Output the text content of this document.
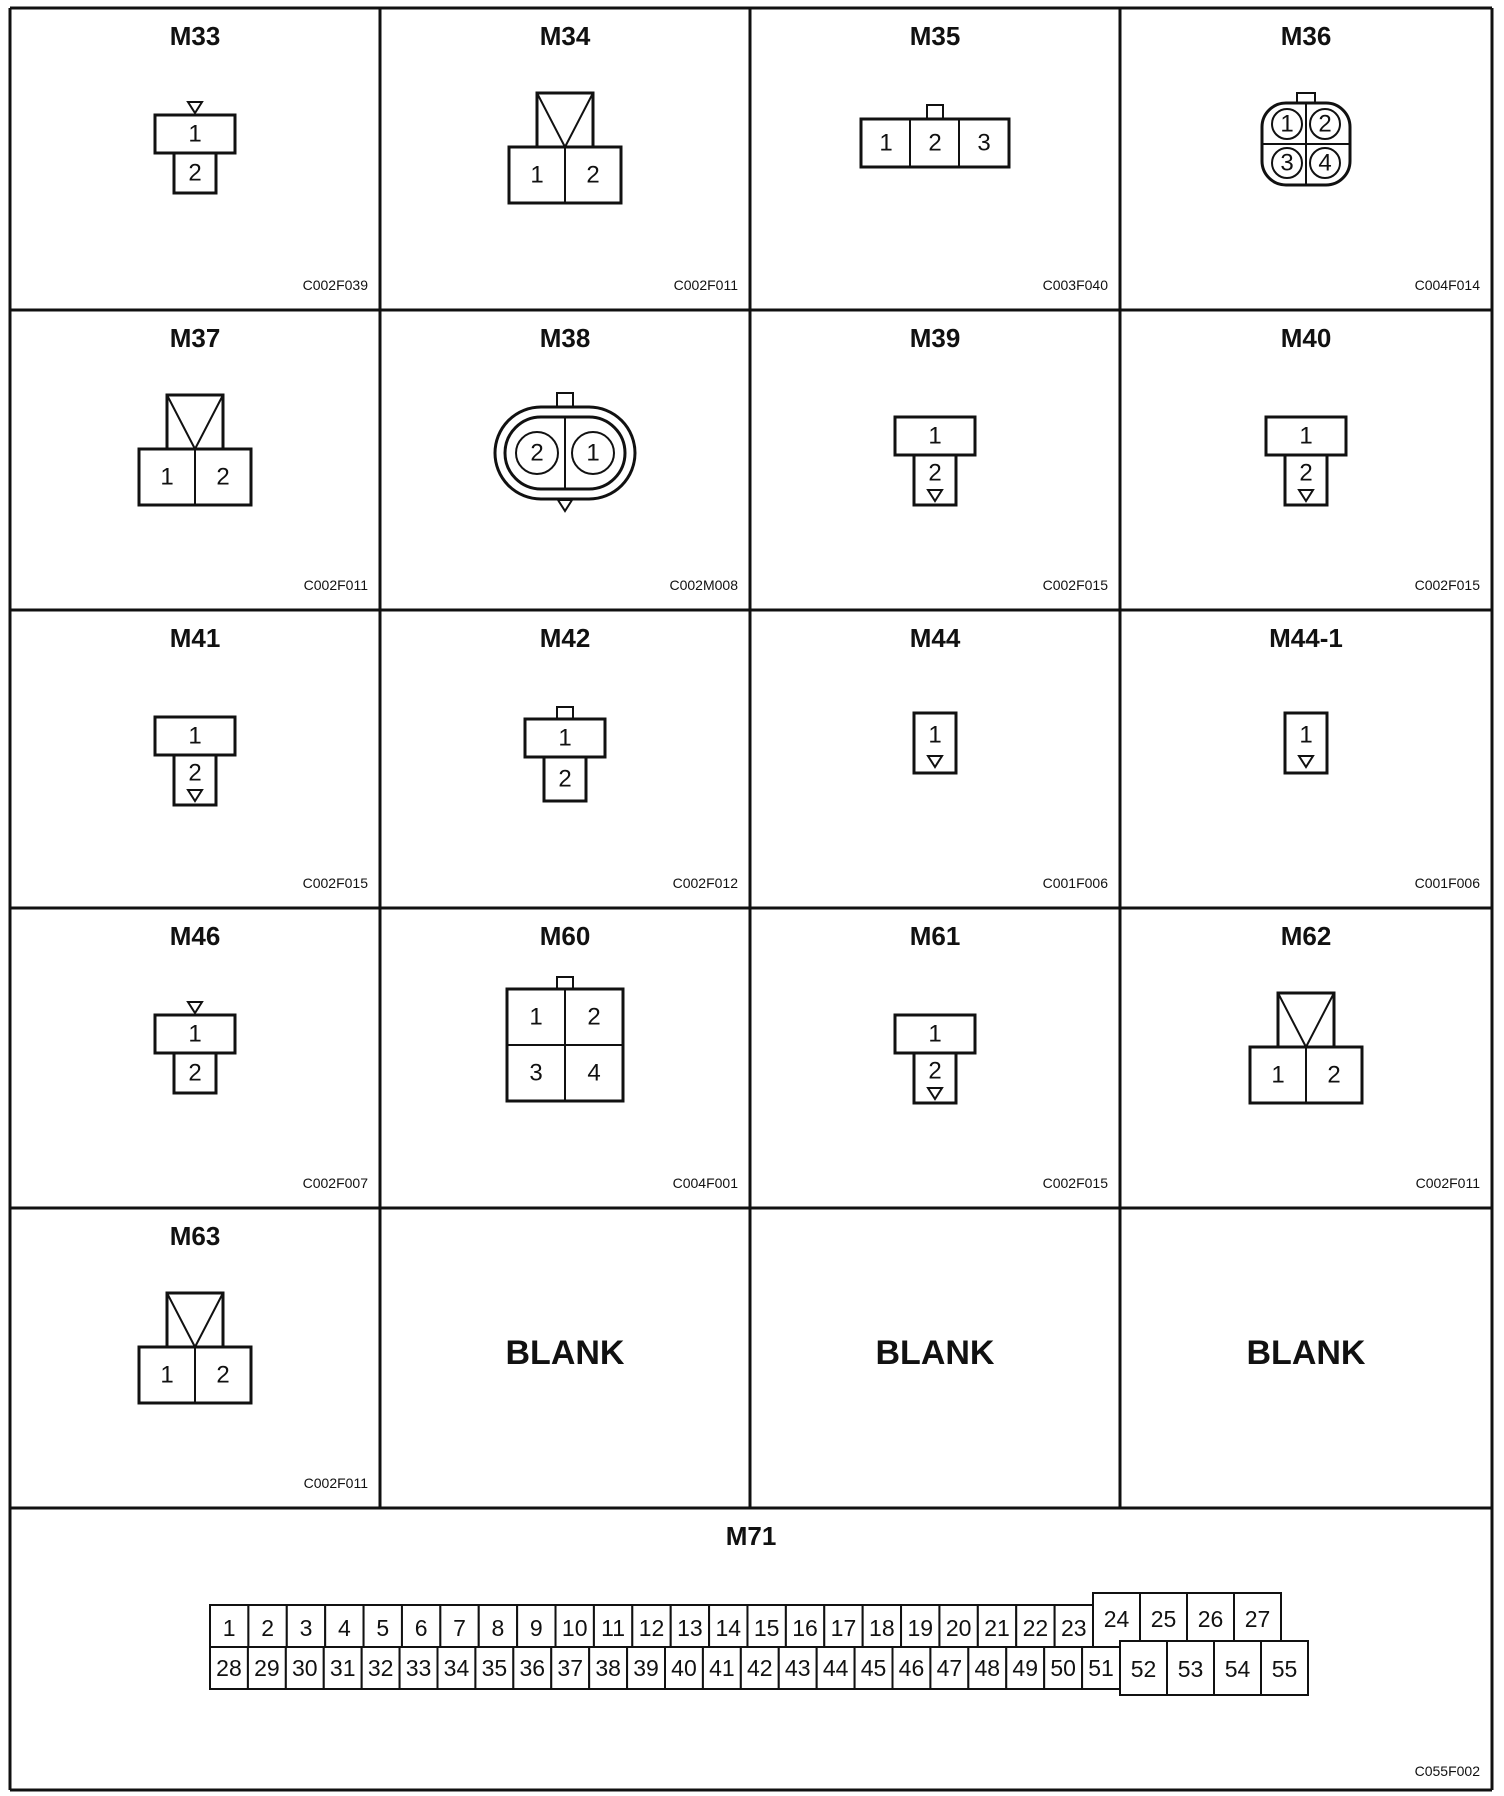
M33
C002F039
1
2
M34
C002F011
1 2
M35
C003F040
1 2 3
M36
C004F014
1 2
3 4
M37
C002F011
1 2
M38
C002M008
2 1
M39
C002F015
1
2
M40
C002F015
1
2
M41
C002F015
1
2
M42
C002F012
1
2
M44
C001F006
1
M44-1
C001F006
1
M46
C002F007
1
2
M60
C004F001
1 2
3 4
M61
C002F015
1
2
M62
C002F011
1 2
M63
C002F011
1 2
BLANK	BLANK	BLANK
M71
C055F002
1 2 3 4 5 6 7 8 9 10 11 12 13 14 15 16 17 18 19 20 21 22 23 24 25 26 27
28 29 30 31 32 33 34 35 36 37 38 39 40 41 42 43 44 45 46 47 48 49 50 51 52 53 54 55
